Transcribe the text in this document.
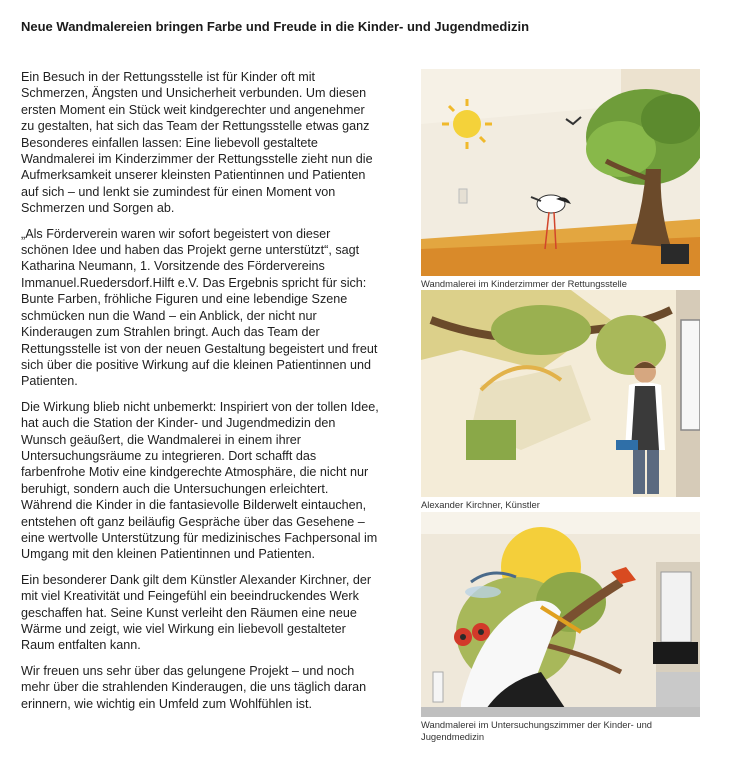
Neue Wandmalereien bringen Farbe und Freude in die Kinder- und Jugendmedizin

Ein Besuch in der Rettungsstelle ist für Kinder oft mit Schmerzen, Ängsten und Unsicherheit verbunden. Um diesen ersten Moment ein Stück weit kindgerechter und angenehmer zu gestalten, hat sich das Team der Rettungsstelle etwas ganz Besonderes einfallen lassen: Eine liebevoll gestaltete Wandmalerei im Kinderzimmer der Rettungsstelle zieht nun die Aufmerksamkeit unserer kleinsten Patientinnen und Patienten auf sich – und lenkt sie zumindest für einen Moment von Schmerzen und Sorgen ab.

„Als Förderverein waren wir sofort begeistert von dieser schönen Idee und haben das Projekt gerne unterstützt“, sagt Katharina Neumann, 1. Vorsitzende des Fördervereins Immanuel.Ruedersdorf.Hilft e.V. Das Ergebnis spricht für sich: Bunte Farben, fröhliche Figuren und eine lebendige Szene schmücken nun die Wand – ein Anblick, der nicht nur Kinderaugen zum Strahlen bringt. Auch das Team der Rettungsstelle ist von der neuen Gestaltung begeistert und freut sich über die positive Wirkung auf die kleinen Patientinnen und Patienten.

Die Wirkung blieb nicht unbemerkt: Inspiriert von der tollen Idee, hat auch die Station der Kinder- und Jugendmedizin den Wunsch geäußert, die Wandmalerei in einem ihrer Untersuchungsräume zu integrieren. Dort schafft das farbenfrohe Motiv eine kindgerechte Atmosphäre, die nicht nur beruhigt, sondern auch die Untersuchungen erleichtert. Während die Kinder in die fantasievolle Bilderwelt eintauchen, entstehen oft ganz beiläufig Gespräche über das Gesehene – eine wertvolle Unterstützung für medizinisches Fachpersonal im Umgang mit den kleinen Patientinnen und Patienten.

Ein besonderer Dank gilt dem Künstler Alexander Kirchner, der mit viel Kreativität und Feingefühl ein beeindruckendes Werk geschaffen hat. Seine Kunst verleiht den Räumen eine neue Wärme und zeigt, wie viel Wirkung ein liebevoll gestalteter Raum entfalten kann.

Wir freuen uns sehr über das gelungene Projekt – und noch mehr über die strahlenden Kinderaugen, die uns täglich daran erinnern, wie wichtig ein Umfeld zum Wohlfühlen ist.

Wandmalerei im Kinderzimmer der Rettungsstelle
Alexander Kirchner, Künstler
Wandmalerei im Untersuchungszimmer der Kinder- und Jugendmedizin
